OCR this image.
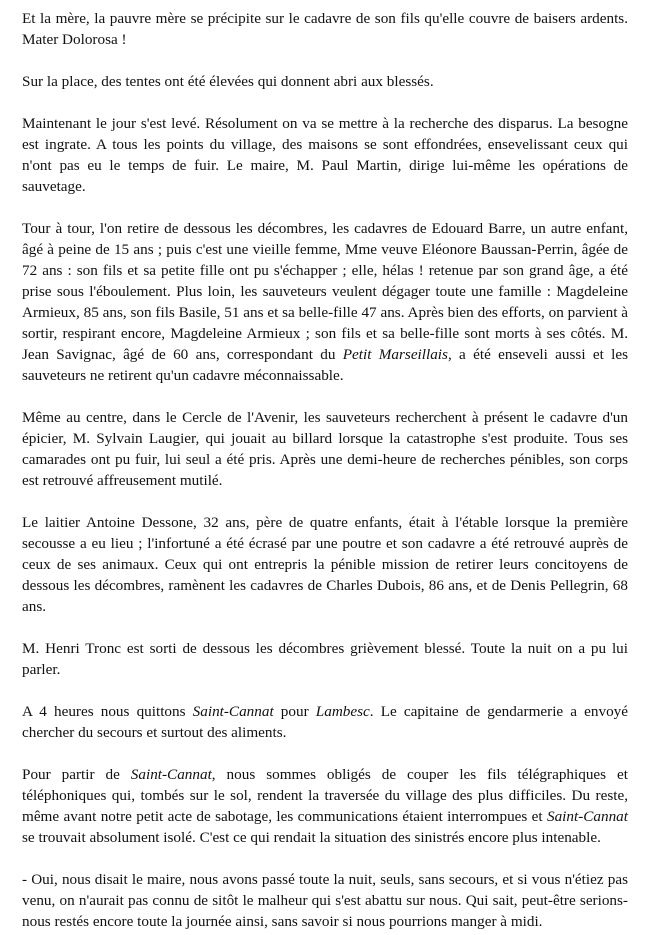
Et la mère, la pauvre mère se précipite sur le cadavre de son fils qu'elle couvre de baisers ardents. Mater Dolorosa !

Sur la place, des tentes ont été élevées qui donnent abri aux blessés.

Maintenant le jour s'est levé. Résolument on va se mettre à la recherche des disparus. La besogne est ingrate. A tous les points du village, des maisons se sont effondrées, ensevelissant ceux qui n'ont pas eu le temps de fuir. Le maire, M. Paul Martin, dirige lui-même les opérations de sauvetage.

Tour à tour, l'on retire de dessous les décombres, les cadavres de Edouard Barre, un autre enfant, âgé à peine de 15 ans ; puis c'est une vieille femme, Mme veuve Eléonore Baussan-Perrin, âgée de 72 ans : son fils et sa petite fille ont pu s'échapper ; elle, hélas ! retenue par son grand âge, a été prise sous l'éboulement. Plus loin, les sauveteurs veulent dégager toute une famille : Magdeleine Armieux, 85 ans, son fils Basile, 51 ans et sa belle-fille 47 ans. Après bien des efforts, on parvient à sortir, respirant encore, Magdeleine Armieux ; son fils et sa belle-fille sont morts à ses côtés. M. Jean Savignac, âgé de 60 ans, correspondant du Petit Marseillais, a été enseveli aussi et les sauveteurs ne retirent qu'un cadavre méconnaissable.

Même au centre, dans le Cercle de l'Avenir, les sauveteurs recherchent à présent le cadavre d'un épicier, M. Sylvain Laugier, qui jouait au billard lorsque la catastrophe s'est produite. Tous ses camarades ont pu fuir, lui seul a été pris. Après une demi-heure de recherches pénibles, son corps est retrouvé affreusement mutilé.

Le laitier Antoine Dessone, 32 ans, père de quatre enfants, était à l'étable lorsque la première secousse a eu lieu ; l'infortuné a été écrasé par une poutre et son cadavre a été retrouvé auprès de ceux de ses animaux. Ceux qui ont entrepris la pénible mission de retirer leurs concitoyens de dessous les décombres, ramènent les cadavres de Charles Dubois, 86 ans, et de Denis Pellegrin, 68 ans.

M. Henri Tronc est sorti de dessous les décombres grièvement blessé. Toute la nuit on a pu lui parler.

A 4 heures nous quittons Saint-Cannat pour Lambesc. Le capitaine de gendarmerie a envoyé chercher du secours et surtout des aliments.

Pour partir de Saint-Cannat, nous sommes obligés de couper les fils télégraphiques et téléphoniques qui, tombés sur le sol, rendent la traversée du village des plus difficiles. Du reste, même avant notre petit acte de sabotage, les communications étaient interrompues et Saint-Cannat se trouvait absolument isolé. C'est ce qui rendait la situation des sinistrés encore plus intenable.

- Oui, nous disait le maire, nous avons passé toute la nuit, seuls, sans secours, et si vous n'étiez pas venu, on n'aurait pas connu de sitôt le malheur qui s'est abattu sur nous. Qui sait, peut-être serions-nous restés encore toute la journée ainsi, sans savoir si nous pourrions manger à midi.
